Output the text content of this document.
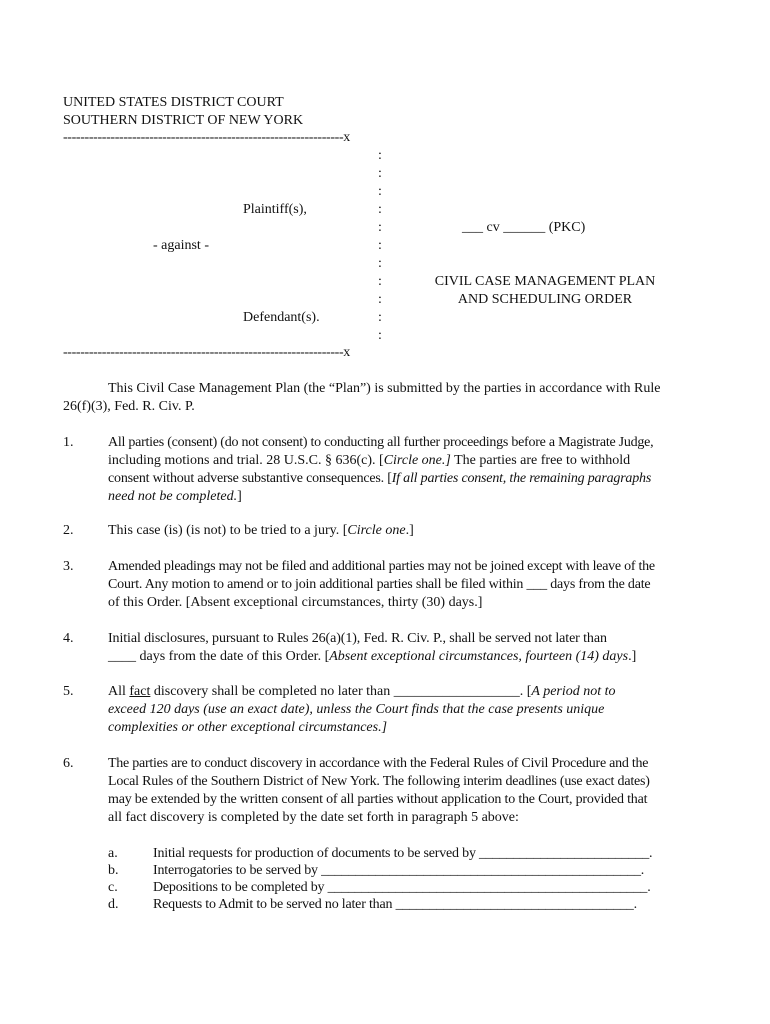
UNITED STATES DISTRICT COURT
SOUTHERN DISTRICT OF NEW YORK
-----------------------------------------------------------------x
:
:
:
:
:
:
:
:
:
:
:
Plaintiff(s),
- against -
Defendant(s).
___ cv ______ (PKC)
CIVIL CASE MANAGEMENT PLAN
AND SCHEDULING ORDER
-----------------------------------------------------------------x
This Civil Case Management Plan (the “Plan”) is submitted by the parties in accordance with Rule
26(f)(3), Fed. R. Civ. P.
1. All parties (consent) (do not consent) to conducting all further proceedings before a Magistrate Judge,
including motions and trial. 28 U.S.C. § 636(c). [Circle one.] The parties are free to withhold
consent without adverse substantive consequences. [If all parties consent, the remaining paragraphs
need not be completed.]
2. This case (is) (is not) to be tried to a jury. [Circle one.]
3. Amended pleadings may not be filed and additional parties may not be joined except with leave of the
Court. Any motion to amend or to join additional parties shall be filed within ___ days from the date
of this Order. [Absent exceptional circumstances, thirty (30) days.]
4. Initial disclosures, pursuant to Rules 26(a)(1), Fed. R. Civ. P., shall be served not later than
____ days from the date of this Order. [Absent exceptional circumstances, fourteen (14) days.]
5. All fact discovery shall be completed no later than __________________. [A period not to
exceed 120 days (use an exact date), unless the Court finds that the case presents unique
complexities or other exceptional circumstances.]
6. The parties are to conduct discovery in accordance with the Federal Rules of Civil Procedure and the
Local Rules of the Southern District of New York. The following interim deadlines (use exact dates)
may be extended by the written consent of all parties without application to the Court, provided that
all fact discovery is completed by the date set forth in paragraph 5 above:
a.	Initial requests for production of documents to be served by _________________________.
b. Interrogatories to be served by _______________________________________________.
c.	Depositions to be completed by _______________________________________________.
d. Requests to Admit to be served no later than ___________________________________.
